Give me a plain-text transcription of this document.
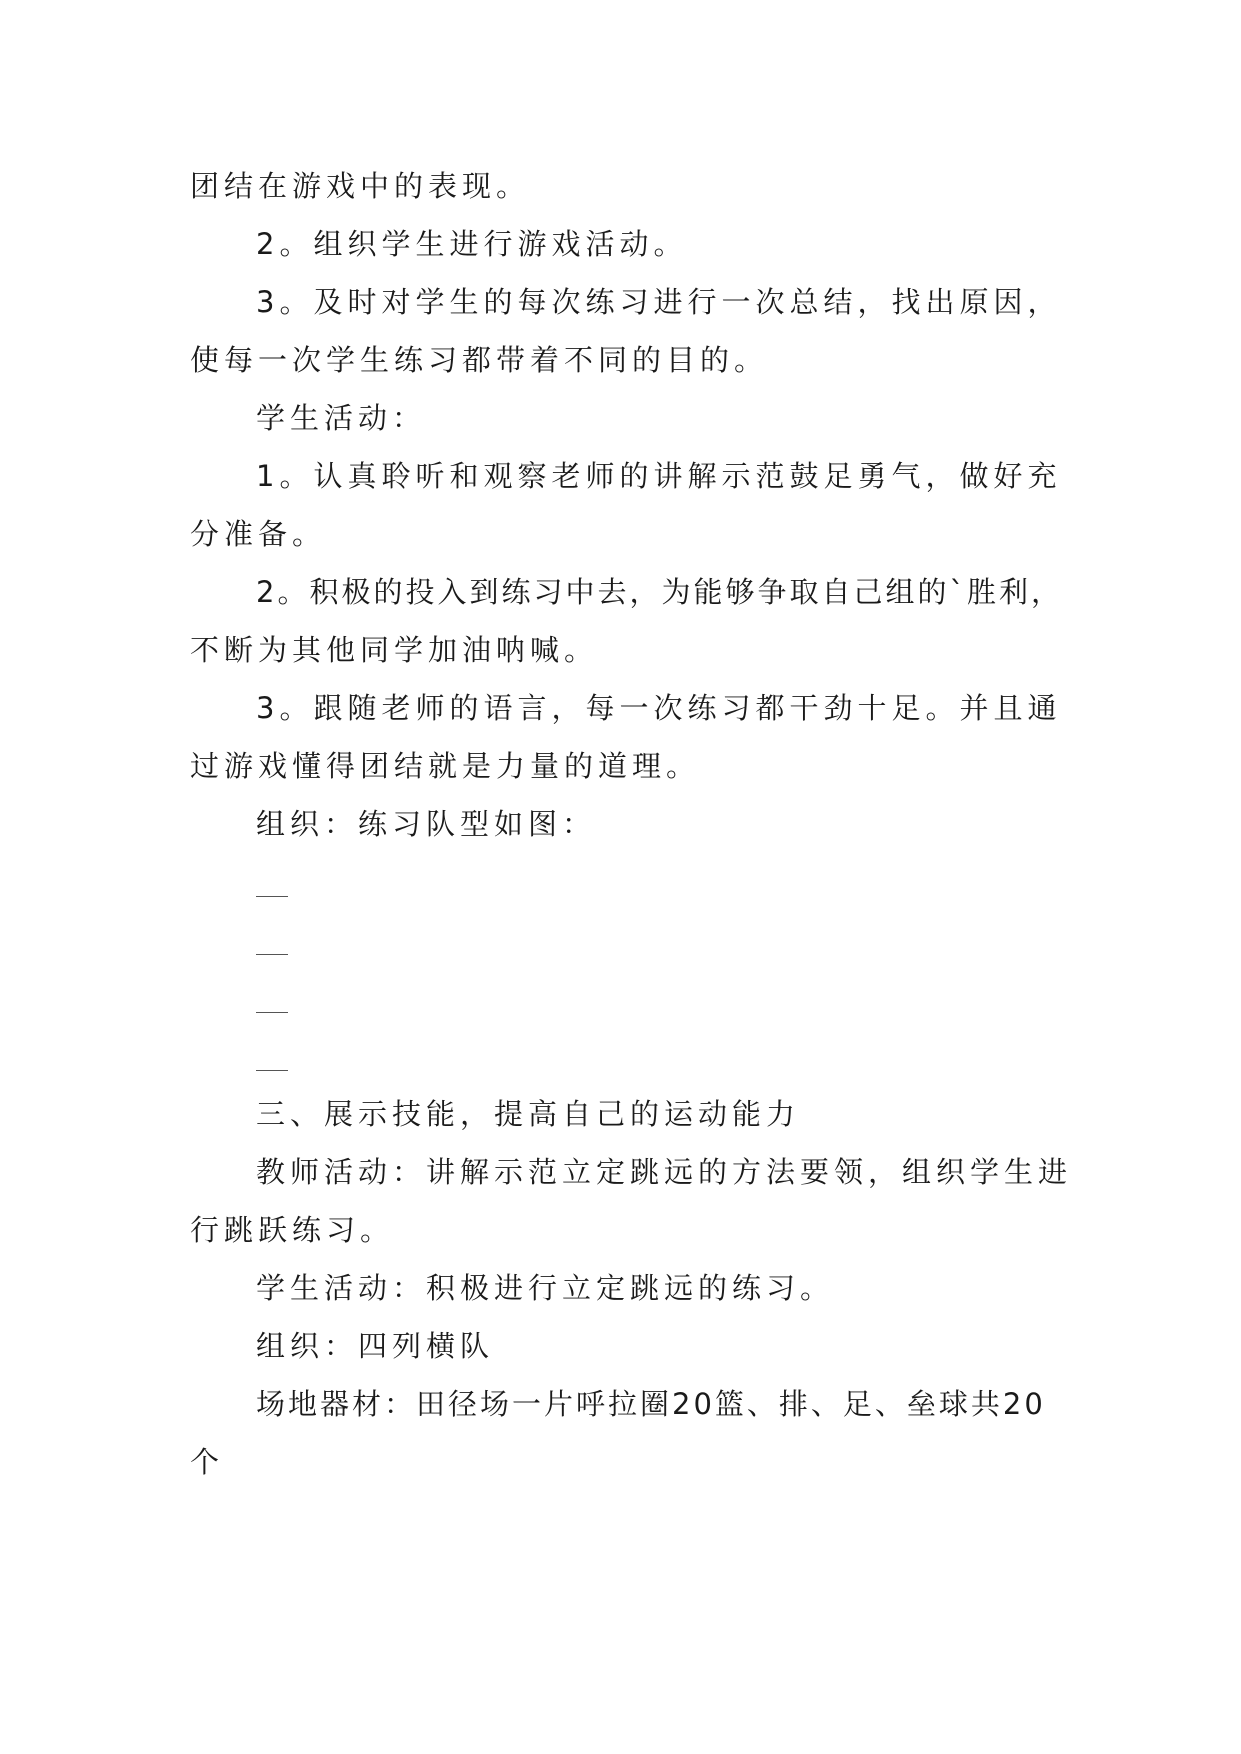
团结在游戏中的表现。
2。组织学生进行游戏活动。
3。及时对学生的每次练习进行一次总结，找出原因，
使每一次学生练习都带着不同的目的。
学生活动：
1。认真聆听和观察老师的讲解示范鼓足勇气，做好充
分准备。
2。积极的投入到练习中去，为能够争取自己组的`胜利，
不断为其他同学加油呐喊。
3。跟随老师的语言，每一次练习都干劲十足。并且通
过游戏懂得团结就是力量的道理。
组织：练习队型如图：
三、展示技能，提高自己的运动能力
教师活动：讲解示范立定跳远的方法要领，组织学生进
行跳跃练习。
学生活动：积极进行立定跳远的练习。
组织：四列横队
场地器材：田径场一片呼拉圈20篮、排、足、垒球共20
个
